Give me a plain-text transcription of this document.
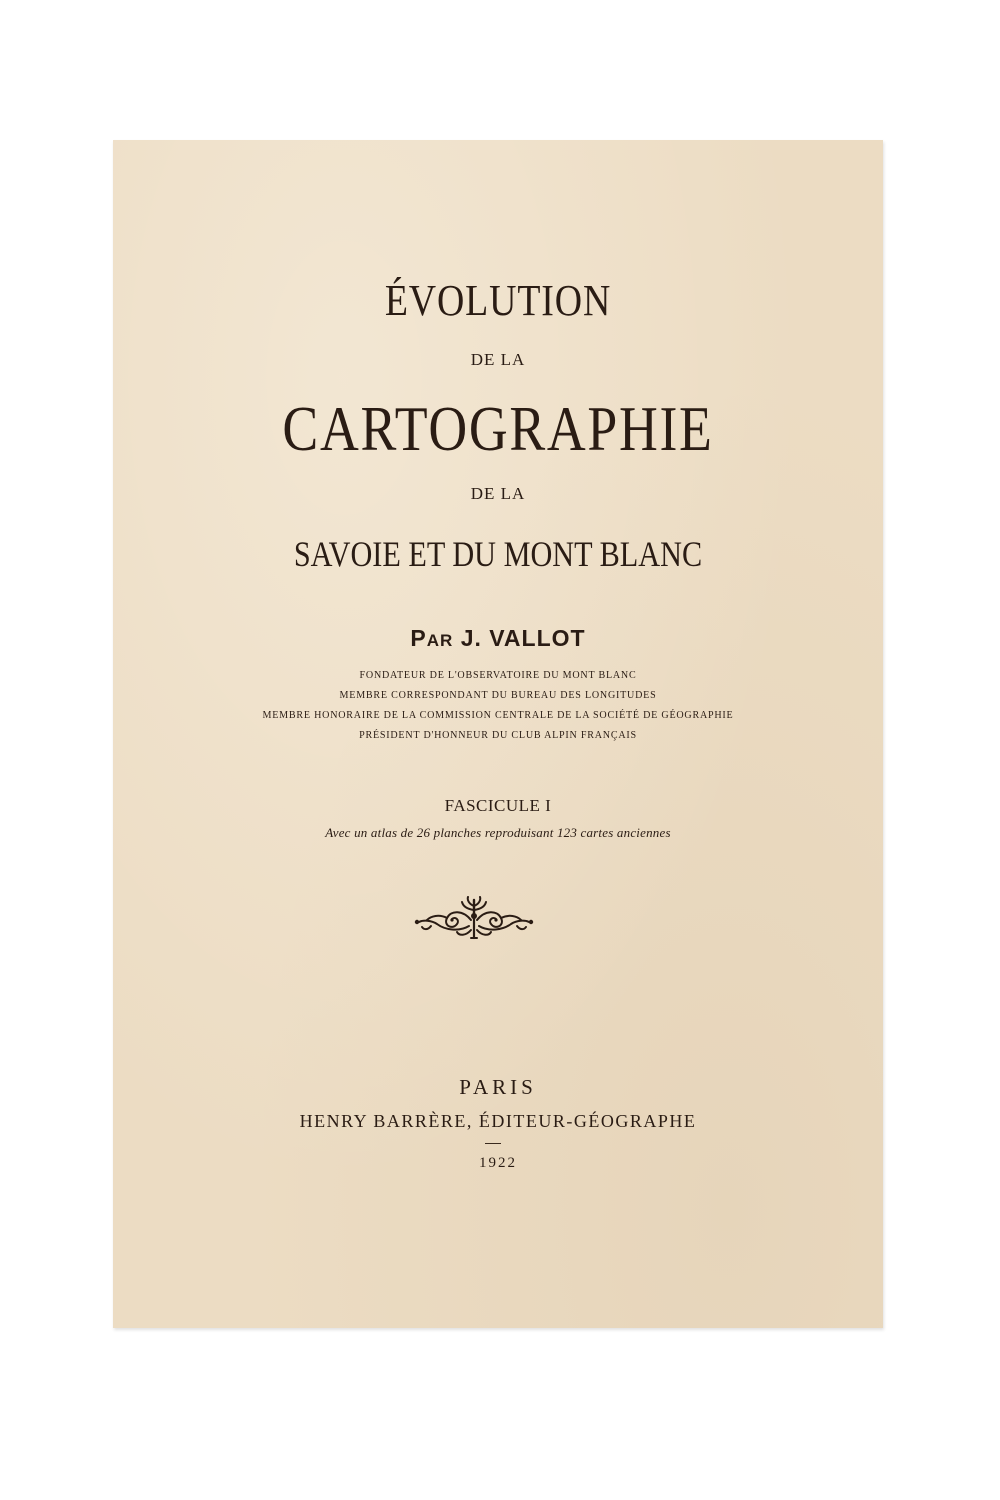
ÉVOLUTION
DE LA
CARTOGRAPHIE
DE LA
SAVOIE ET DU MONT BLANC
PAR J. VALLOT
FONDATEUR DE L'OBSERVATOIRE DU MONT BLANC
MEMBRE CORRESPONDANT DU BUREAU DES LONGITUDES
MEMBRE HONORAIRE DE LA COMMISSION CENTRALE DE LA SOCIÉTÉ DE GÉOGRAPHIE
PRÉSIDENT D'HONNEUR DU CLUB ALPIN FRANÇAIS
FASCICULE I
Avec un atlas de 26 planches reproduisant 123 cartes anciennes
PARIS
HENRY BARRÈRE, ÉDITEUR-GÉOGRAPHE
1922
